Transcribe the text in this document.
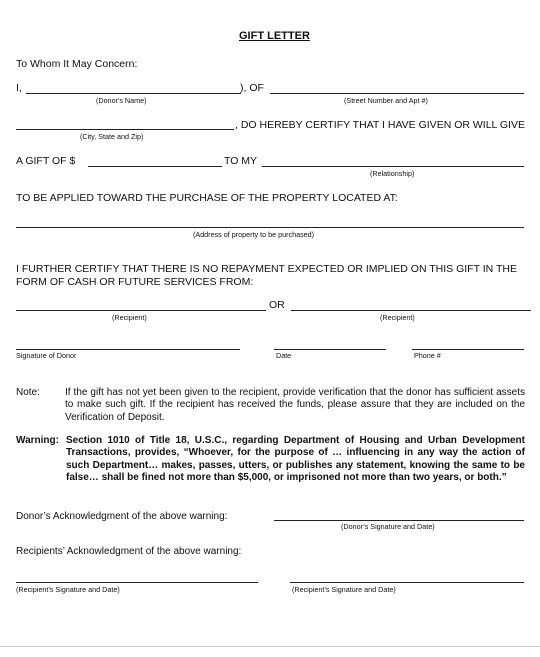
GIFT LETTER
To Whom It May Concern:
I,	), OF
(Donor's Name)	(Street Number and Apt #)
, DO HEREBY CERTIFY THAT I HAVE GIVEN OR WILL GIVE
(City, State and Zip)
A GIFT OF $	TO MY
(Relationship)
TO BE APPLIED TOWARD THE PURCHASE OF THE PROPERTY LOCATED AT:
(Address of property to be purchased)
I FURTHER CERTIFY THAT THERE IS NO REPAYMENT EXPECTED OR IMPLIED ON THIS GIFT IN THE
FORM OF CASH OR FUTURE SERVICES FROM:
OR
(Recipient)	(Recipient)
Signature of Donor	Date	Phone #
Note:	If the gift has not yet been given to the recipient, provide verification that the donor has sufficient assets to make such gift. If the recipient has received the funds, please assure that they are included on the Verification of Deposit.
Warning: Section 1010 of Title 18, U.S.C., regarding Department of Housing and Urban Development Transactions, provides, “Whoever, for the purpose of … influencing in any way the action of such Department… makes, passes, utters, or publishes any statement, knowing the same to be false… shall be fined not more than $5,000, or imprisoned not more than two years, or both.”
Donor’s Acknowledgment of the above warning:
(Donor’s Signature and Date)
Recipients’ Acknowledgment of the above warning:
(Recipient’s Signature and Date)	(Recipient’s Signature and Date)
